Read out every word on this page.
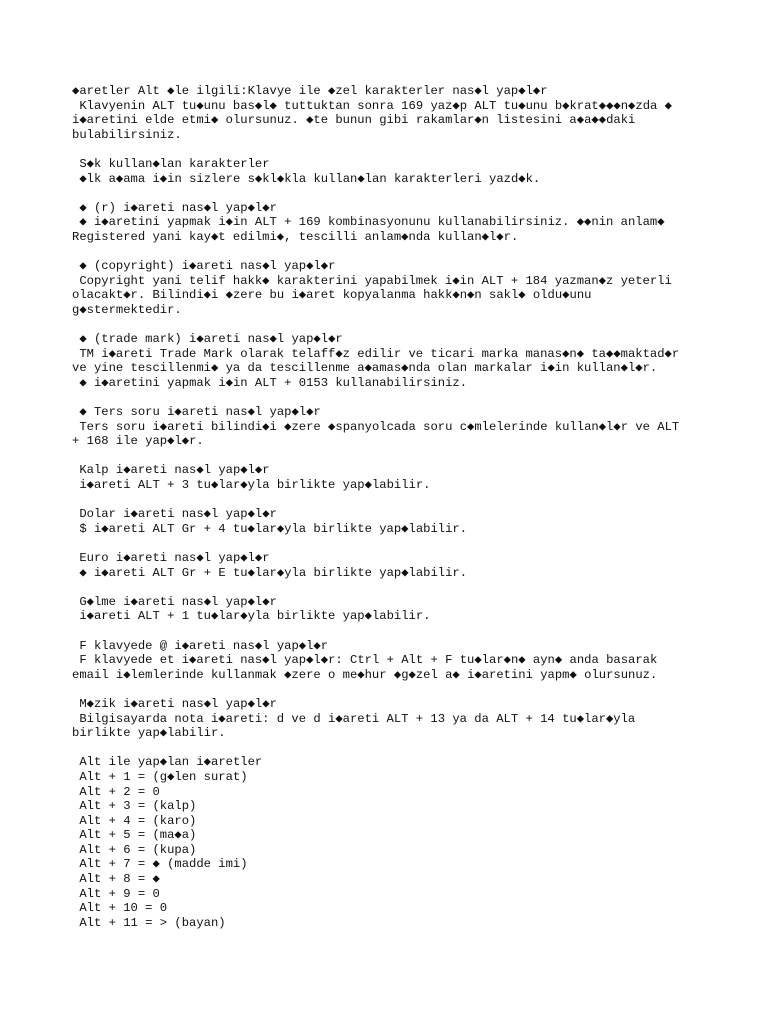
◆aretler Alt ◆le ilgili:Klavye ile ◆zel karakterler nas◆l yap◆l◆r
Klavyenin ALT tu◆unu bas◆l◆ tuttuktan sonra 169 yaz◆p ALT tu◆unu b◆krat◆◆◆n◆zda ◆
i◆aretini elde etmi◆ olursunuz. ◆te bunun gibi rakamlar◆n listesini a◆a◆◆daki
bulabilirsiniz.
S◆k kullan◆lan karakterler
◆lk a◆ama i◆in sizlere s◆kl◆kla kullan◆lan karakterleri yazd◆k.
◆ (r) i◆areti nas◆l yap◆l◆r
◆ i◆aretini yapmak i◆in ALT + 169 kombinasyonunu kullanabilirsiniz. ◆◆nin anlam◆
Registered yani kay◆t edilmi◆, tescilli anlam◆nda kullan◆l◆r.
◆ (copyright) i◆areti nas◆l yap◆l◆r
Copyright yani telif hakk◆ karakterini yapabilmek i◆in ALT + 184 yazman◆z yeterli
olacakt◆r. Bilindi◆i ◆zere bu i◆aret kopyalanma hakk◆n◆n sakl◆ oldu◆unu
g◆stermektedir.
◆ (trade mark) i◆areti nas◆l yap◆l◆r
TM i◆areti Trade Mark olarak telaff◆z edilir ve ticari marka manas◆n◆ ta◆◆maktad◆r
ve yine tescillenmi◆ ya da tescillenme a◆amas◆nda olan markalar i◆in kullan◆l◆r.
◆ i◆aretini yapmak i◆in ALT + 0153 kullanabilirsiniz.
◆ Ters soru i◆areti nas◆l yap◆l◆r
Ters soru i◆areti bilindi◆i ◆zere ◆spanyolcada soru c◆mlelerinde kullan◆l◆r ve ALT
+ 168 ile yap◆l◆r.
Kalp i◆areti nas◆l yap◆l◆r
i◆areti ALT + 3 tu◆lar◆yla birlikte yap◆labilir.
Dolar i◆areti nas◆l yap◆l◆r
$ i◆areti ALT Gr + 4 tu◆lar◆yla birlikte yap◆labilir.
Euro i◆areti nas◆l yap◆l◆r
◆ i◆areti ALT Gr + E tu◆lar◆yla birlikte yap◆labilir.
G◆lme i◆areti nas◆l yap◆l◆r
i◆areti ALT + 1 tu◆lar◆yla birlikte yap◆labilir.
F klavyede @ i◆areti nas◆l yap◆l◆r
F klavyede et i◆areti nas◆l yap◆l◆r: Ctrl + Alt + F tu◆lar◆n◆ ayn◆ anda basarak
email i◆lemlerinde kullanmak ◆zere o me◆hur ◆g◆zel a◆ i◆aretini yapm◆ olursunuz.
M◆zik i◆areti nas◆l yap◆l◆r
Bilgisayarda nota i◆areti: d ve d i◆areti ALT + 13 ya da ALT + 14 tu◆lar◆yla
birlikte yap◆labilir.
Alt ile yap◆lan i◆aretler
Alt + 1 = (g◆len surat)
Alt + 2 = 0
Alt + 3 = (kalp)
Alt + 4 = (karo)
Alt + 5 = (ma◆a)
Alt + 6 = (kupa)
Alt + 7 = ◆ (madde imi)
Alt + 8 = ◆
Alt + 9 = 0
Alt + 10 = 0
Alt + 11 = > (bayan)
